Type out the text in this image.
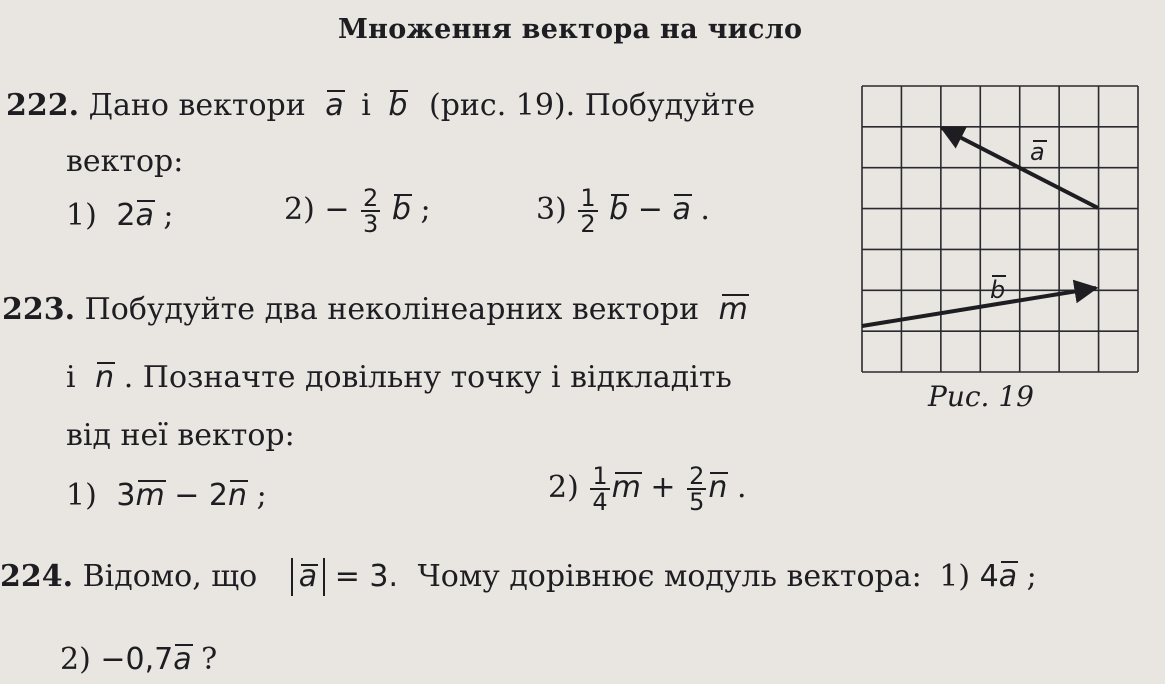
Множення вектора на число
222. Дано вектори a і b (рис. 19). Побудуйте
вектор:
1) 2a ;	$2) - \frac{2}{3}$ b ;	$3) \frac{1}{2}$ b − a .
223. Побудуйте два неколінеарних вектори m
і n . Позначте довільну точку і відкладіть
від неї вектор:
1) 3m − 2n ;	$2) \frac{1}{4}$ $m + \frac{2}{5}$ n .
224. Відомо, що a = 3. Чому дорівнює модуль вектора: 1) 4a ;
2) −0,7a ?
a
b
Рис. 19
